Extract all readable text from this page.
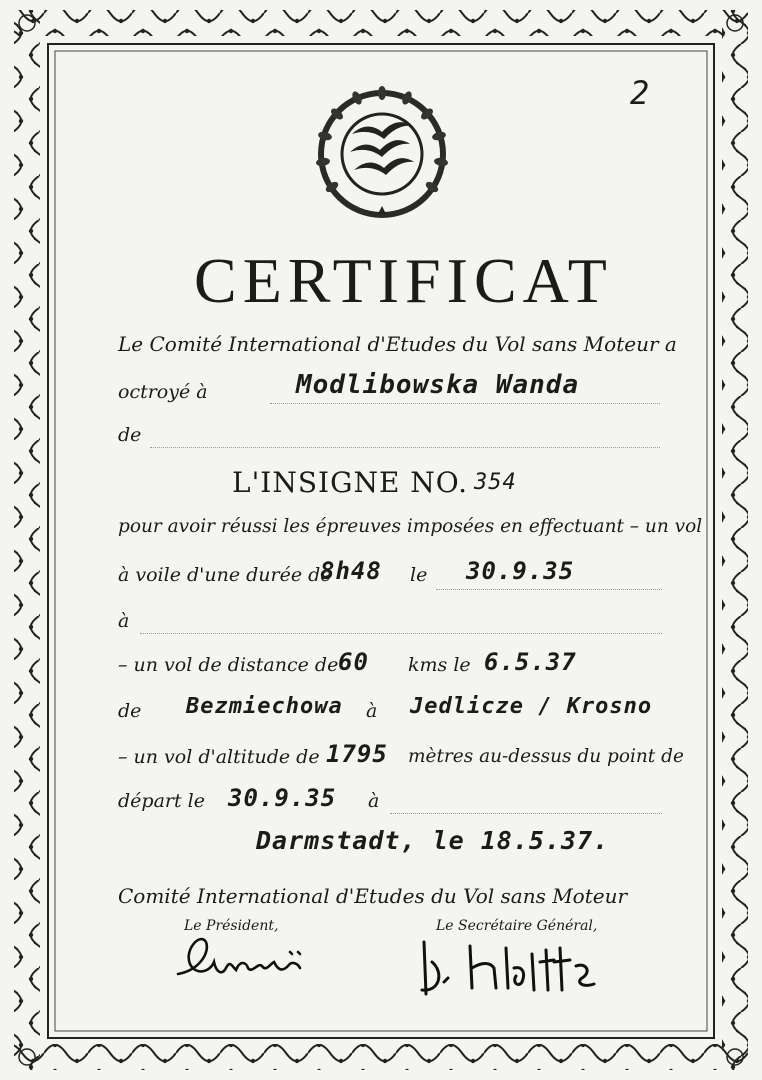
2
CERTIFICAT
Le Comité International d'Etudes du Vol sans Moteur a
octroyé à	Modlibowska Wanda
de
L'INSIGNE NO. 354
pour avoir réussi les épreuves imposées en effectuant – un vol
à voile d'une durée de
8h48 le 30.9.35
à
– un vol de distance de 60 kms le 6.5.37
de Bezmiechowa à Jedlicze / Krosno
– un vol d'altitude de 1795 mètres au-dessus du point de
départ le 30.9.35 à
Darmstadt, le 18.5.37.
Comité International d'Etudes du Vol sans Moteur
Le Président,	Le Secrétaire Général,
